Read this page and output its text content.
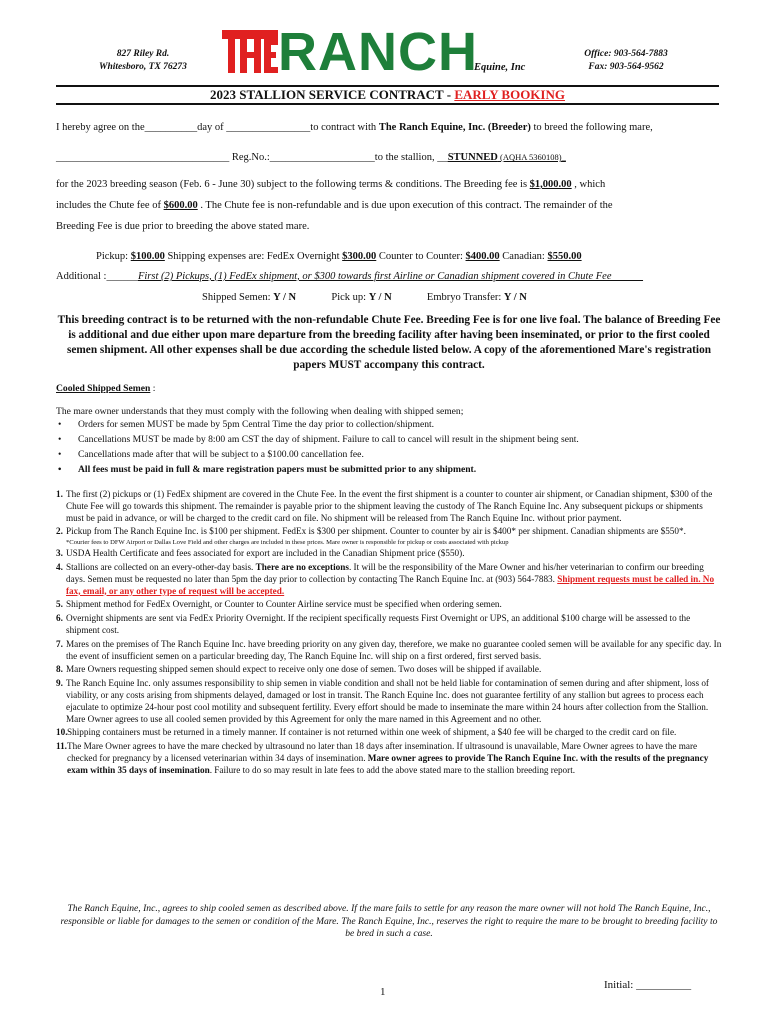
827 Riley Rd.
Whitesboro, TX 76273	RANCH
Equine, Inc
Office: 903-564-7883
Fax: 903-564-9562
2023 STALLION SERVICE CONTRACT - EARLY BOOKING
I hereby agree on the__________day of ________________to contract with The Ranch Equine, Inc. (Breeder) to breed the following mare,
_________________________________ Reg.No.:____________________to the stallion, __STUNNED (AQHA 5360108)_
for the 2023 breeding season (Feb. 6 - June 30) subject to the following terms & conditions. The Breeding fee is $1,000.00 , which
includes the Chute fee of $600.00 . The Chute fee is non-refundable and is due upon execution of this contract. The remainder of the
Breeding Fee is due prior to breeding the above stated mare.
Pickup: $100.00 Shipping expenses are: FedEx Overnight $300.00 Counter to Counter: $400.00 Canadian: $550.00
Additional :______First (2) Pickups, (1) FedEx shipment, or $300 towards first Airline or Canadian shipment covered in Chute Fee______
Shipped Semen: Y / N	Pick up: Y / N	Embryo Transfer: Y / N
This breeding contract is to be returned with the non-refundable Chute Fee. Breeding Fee is for one live foal. The balance of Breeding Fee is additional and due either upon mare departure from the breeding facility after having been inseminated, or prior to the first cooled semen shipment. All other expenses shall be due according the schedule listed below. A copy of the aforementioned Mare's registration papers MUST accompany this contract.
Cooled Shipped Semen :
The mare owner understands that they must comply with the following when dealing with shipped semen;
• Orders for semen MUST be made by 5pm Central Time the day prior to collection/shipment.
• Cancellations MUST be made by 8:00 am CST the day of shipment. Failure to call to cancel will result in the shipment being sent.
• Cancellations made after that will be subject to a $100.00 cancellation fee.
• All fees must be paid in full & mare registration papers must be submitted prior to any shipment.
1. The first (2) pickups or (1) FedEx shipment are covered in the Chute Fee. In the event the first shipment is a counter to counter air shipment, or Canadian shipment, $300 of the Chute Fee will go towards this shipment. The remainder is payable prior to the shipment leaving the custody of The Ranch Equine Inc. Any subsequent pickups or shipments must be paid in advance, or will be charged to the credit card on file. No shipment will be released from The Ranch Equine Inc. without prior payment.
2. Pickup from The Ranch Equine Inc. is $100 per shipment. FedEx is $300 per shipment. Counter to counter by air is $400* per shipment. Canadian shipments are $550*.
*Courier fees to DFW Airport or Dallas Love Field and other charges are included in these prices. Mare owner is responsible for pickup or costs associated with pickup
3. USDA Health Certificate and fees associated for export are included in the Canadian Shipment price ($550).
4. Stallions are collected on an every-other-day basis. There are no exceptions. It will be the responsibility of the Mare Owner and his/her veterinarian to confirm our breeding days. Semen must be requested no later than 5pm the day prior to collection by contacting The Ranch Equine Inc. at (903) 564-7883. Shipment requests must be called in. No fax, email, or any other type of request will be accepted.
5. Shipment method for FedEx Overnight, or Counter to Counter Airline service must be specified when ordering semen.
6. Overnight shipments are sent via FedEx Priority Overnight. If the recipient specifically requests First Overnight or UPS, an additional $100 charge will be assessed to the shipment cost.
7. Mares on the premises of The Ranch Equine Inc. have breeding priority on any given day, therefore, we make no guarantee cooled semen will be available for any specific day. In the event of insufficient semen on a particular breeding day, The Ranch Equine Inc. will ship on a first ordered, first served basis.
8. Mare Owners requesting shipped semen should expect to receive only one dose of semen. Two doses will be shipped if available.
9. The Ranch Equine Inc. only assumes responsibility to ship semen in viable condition and shall not be held liable for contamination of semen during and after shipment, loss of viability, or any costs arising from shipments delayed, damaged or lost in transit. The Ranch Equine Inc. does not guarantee fertility of any stallion but agrees to process each ejaculate to optimize 24-hour post cool motility and subsequent fertility. Every effort should be made to inseminate the mare within 24 hours after collection from the Stallion. Mare Owner agrees to use all cooled semen provided by this Agreement for only the mare named in this Agreement and no other.
10. Shipping containers must be returned in a timely manner. If container is not returned within one week of shipment, a $40 fee will be charged to the credit card on file.
11. The Mare Owner agrees to have the mare checked by ultrasound no later than 18 days after insemination. If ultrasound is unavailable, Mare Owner agrees to have the mare checked for pregnancy by a licensed veterinarian within 34 days of insemination. Mare owner agrees to provide The Ranch Equine Inc. with the results of the pregnancy exam within 35 days of insemination. Failure to do so may result in late fees to add the above stated mare to the stallion breeding report.
The Ranch Equine, Inc., agrees to ship cooled semen as described above. If the mare fails to settle for any reason the mare owner will not hold The Ranch Equine, Inc., responsible or liable for damages to the semen or condition of the Mare. The Ranch Equine, Inc., reserves the right to require the mare to be brought to breeding facility to be bred in such a case.
1
Initial: __________
